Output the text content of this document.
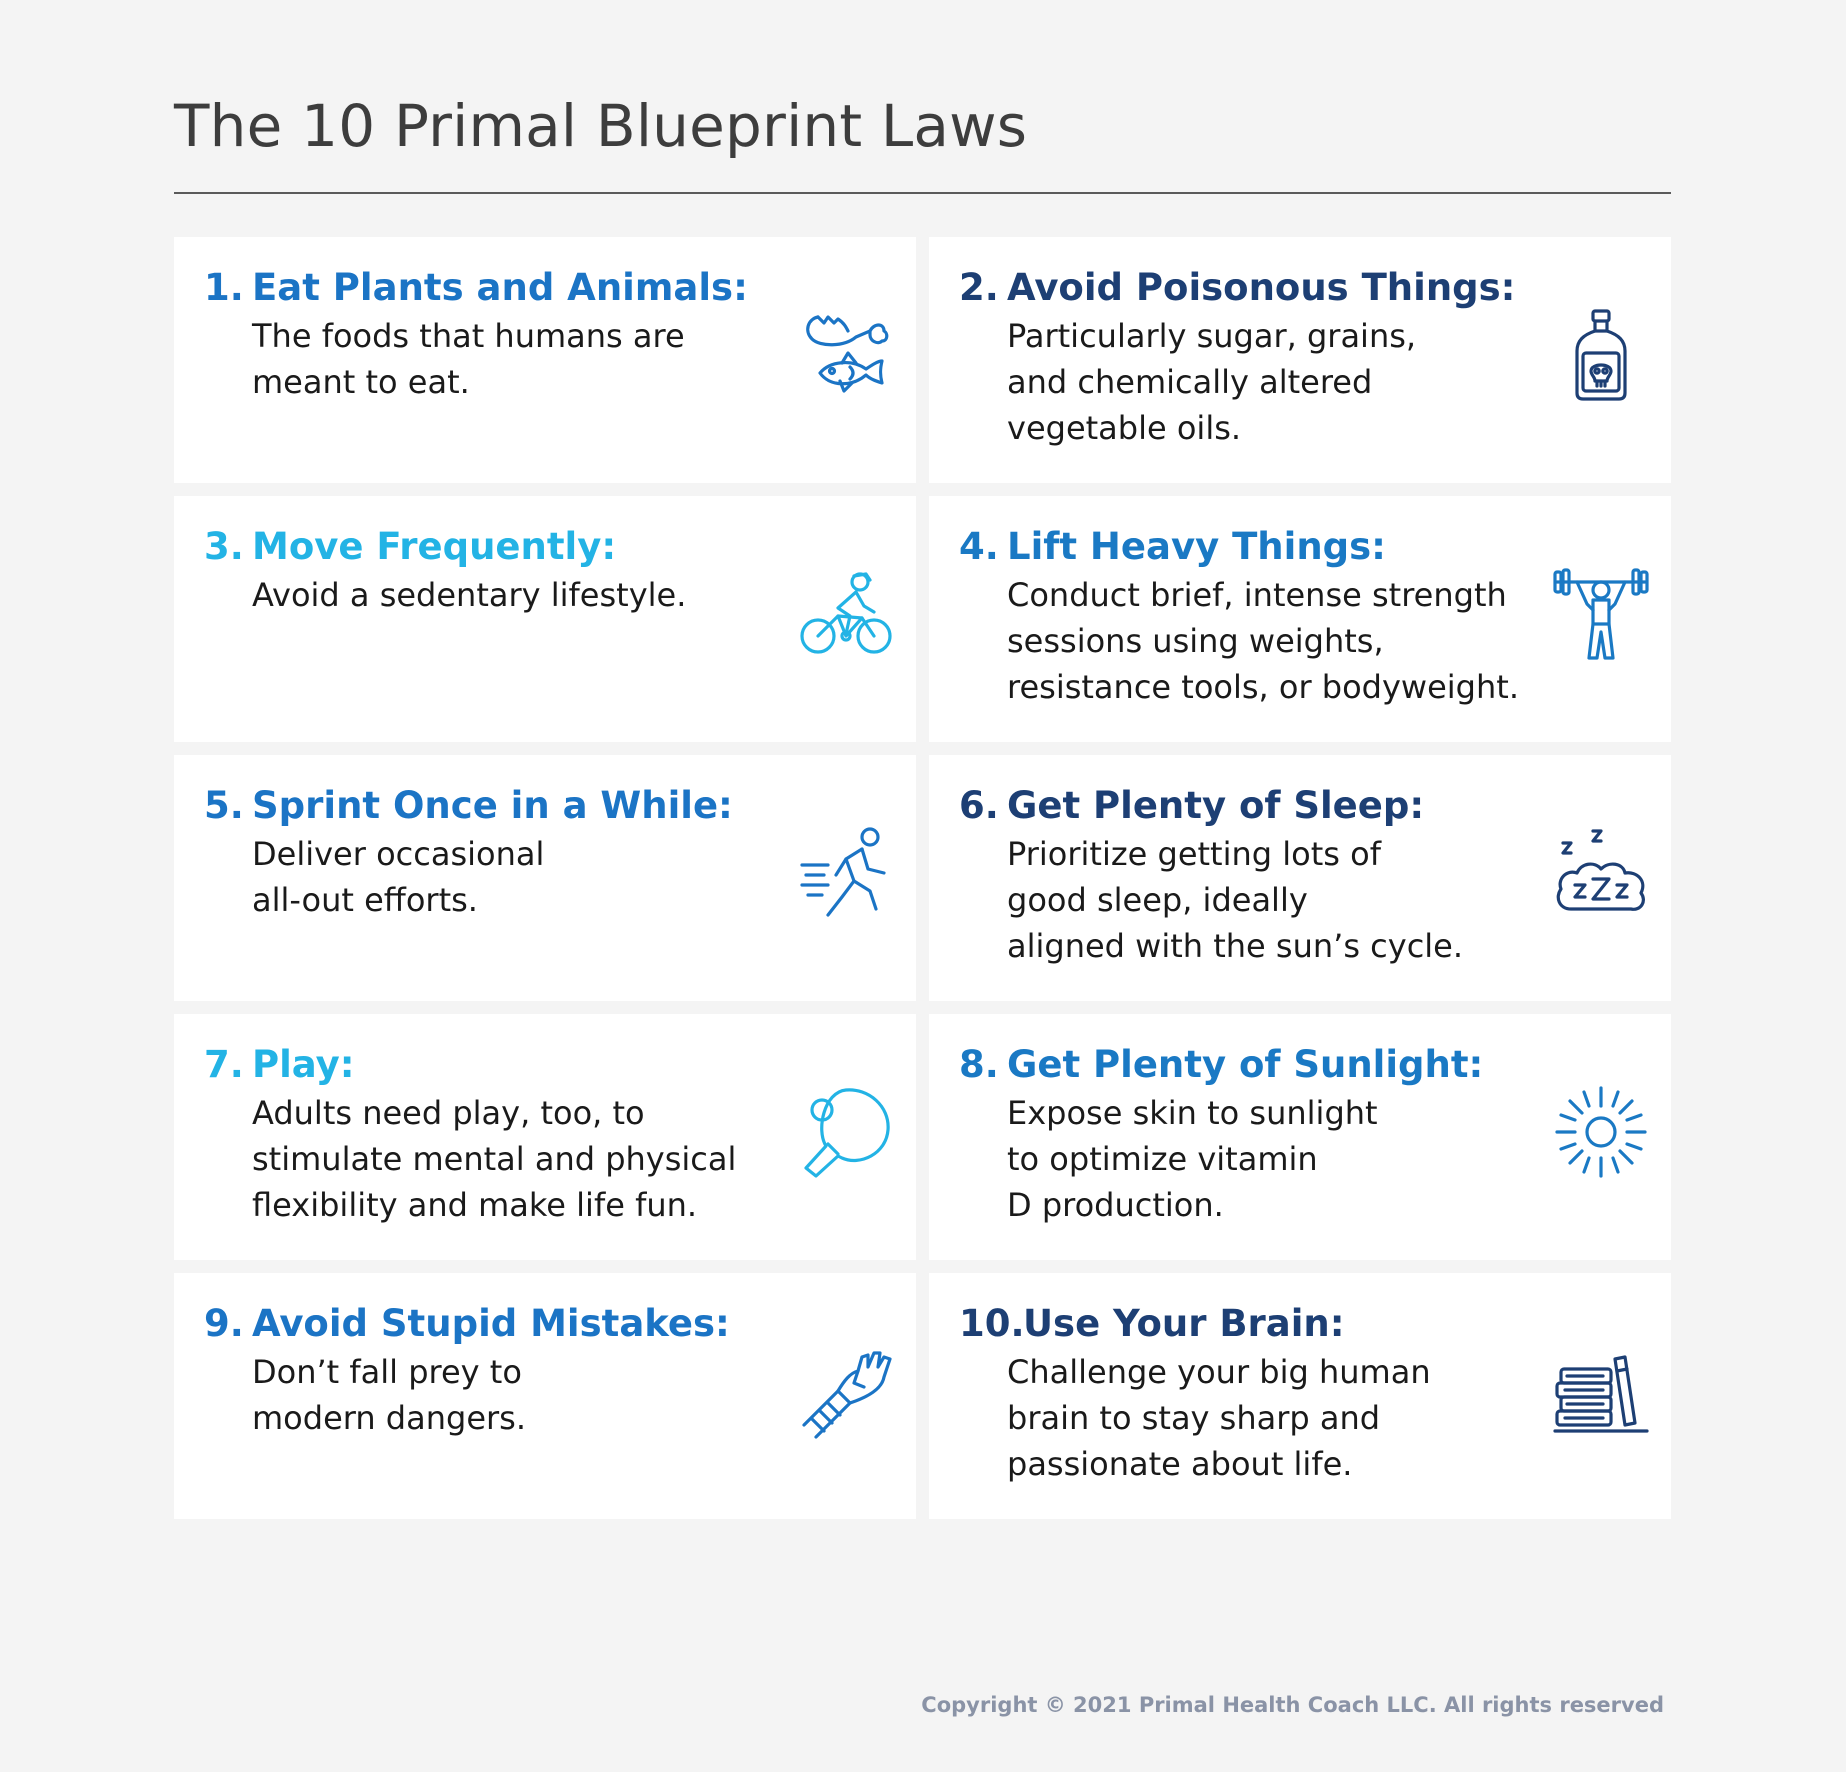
The 10 Primal Blueprint Laws
1. Eat Plants and Animals:
The foods that humans are
meant to eat.
2. Avoid Poisonous Things:
Particularly sugar, grains,
and chemically altered
vegetable oils.
3. Move Frequently:
Avoid a sedentary lifestyle.
4. Lift Heavy Things:
Conduct brief, intense strength
sessions using weights,
resistance tools, or bodyweight.
5. Sprint Once in a While:
Deliver occasional
all-out efforts.
6. Get Plenty of Sleep:
Prioritize getting lots of
good sleep, ideally
aligned with the sun’s cycle.
7. Play:
Adults need play, too, to
stimulate mental and physical
flexibility and make life fun.
8. Get Plenty of Sunlight:
Expose skin to sunlight
to optimize vitamin
D production.
9. Avoid Stupid Mistakes:
Don’t fall prey to
modern dangers.
10.
Use Your Brain:
Challenge your big human
brain to stay sharp and
passionate about life.
Copyright © 2021 Primal Health Coach LLC. All rights reserved
